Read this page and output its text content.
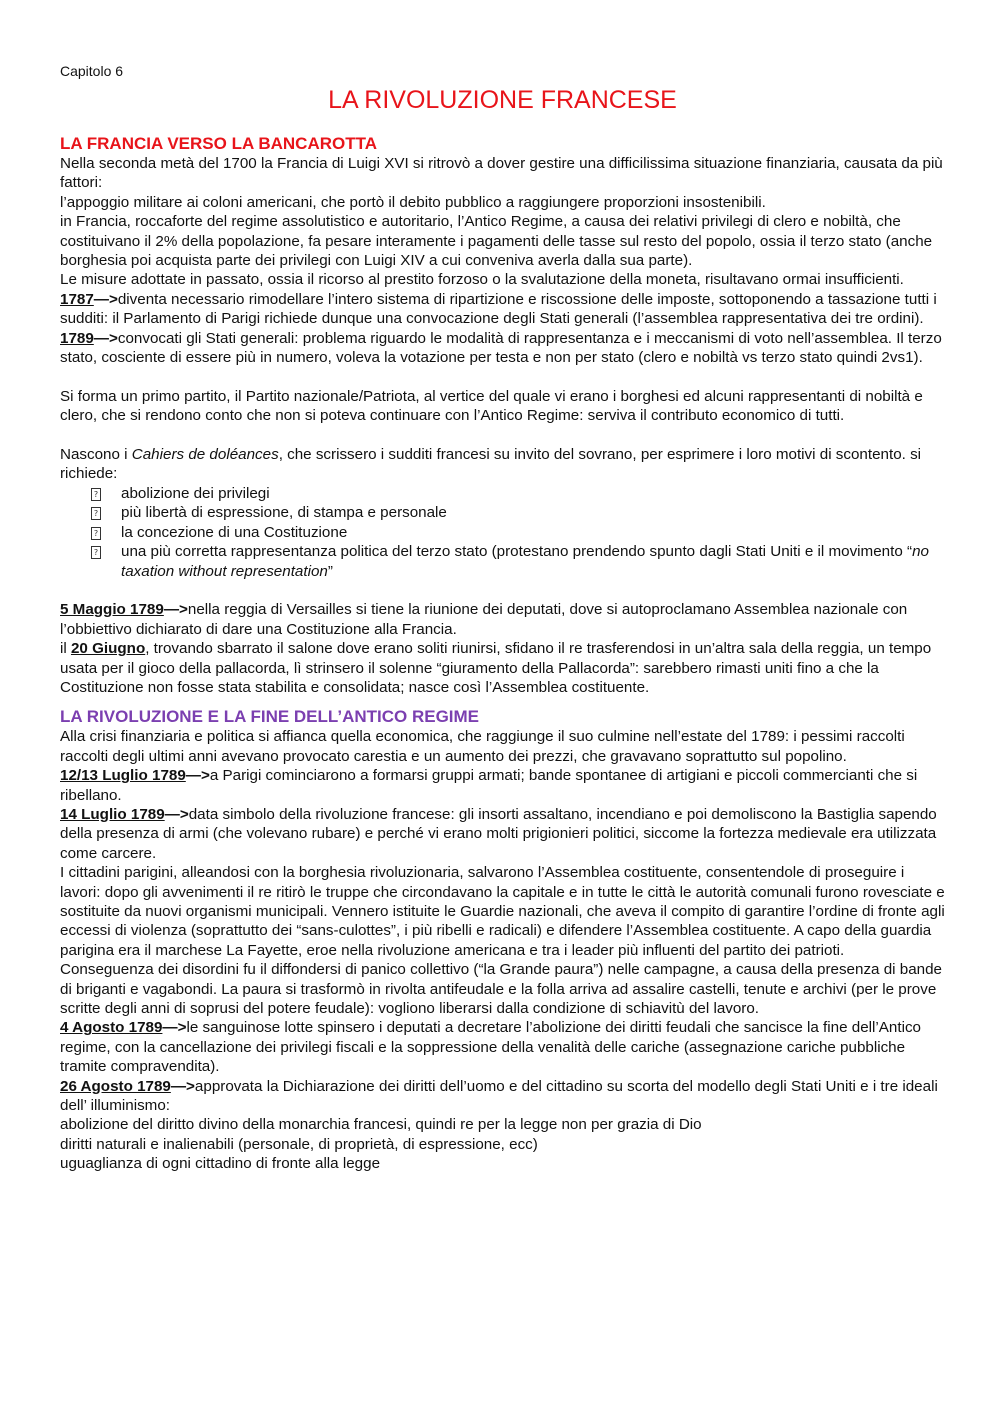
Capitolo 6

LA RIVOLUZIONE FRANCESE
LA FRANCIA VERSO LA BANCAROTTA

Nella seconda metà del 1700 la Francia di Luigi XVI si ritrovò a dover gestire una difficilissima situazione finanziaria, causata da più fattori:

l’appoggio militare ai coloni americani, che portò il debito pubblico a raggiungere proporzioni insostenibili.

in Francia, roccaforte del regime assolutistico e autoritario, l’Antico Regime, a causa dei relativi privilegi di clero e nobiltà, che costituivano il 2% della popolazione, fa pesare interamente i pagamenti delle tasse sul resto del popolo, ossia il terzo stato (anche borghesia poi acquista parte dei privilegi con Luigi XIV a cui conveniva averla dalla sua parte).

Le misure adottate in passato, ossia il ricorso al prestito forzoso o la svalutazione della moneta, risultavano ormai insufficienti.

1787—>diventa necessario rimodellare l’intero sistema di ripartizione e riscossione delle imposte, sottoponendo a tassazione tutti i sudditi: il Parlamento di Parigi richiede dunque una convocazione degli Stati generali (l’assemblea rappresentativa dei tre ordini).

1789—>convocati gli Stati generali: problema riguardo le modalità di rappresentanza e i meccanismi di voto nell’assemblea. Il terzo stato, cosciente di essere più in numero, voleva la votazione per testa e non per stato (clero e nobiltà vs terzo stato quindi 2vs1).

Si forma un primo partito, il Partito nazionale/Patriota, al vertice del quale vi erano i borghesi ed alcuni rappresentanti di nobiltà e clero, che si rendono conto che non si poteva continuare con l’Antico Regime: serviva il contributo economico di tutti.

Nascono i Cahiers de doléances, che scrissero i sudditi francesi su invito del sovrano, per esprimere i loro motivi di scontento. si richiede:

? abolizione dei privilegi
? più libertà di espressione, di stampa e personale
? la concezione di una Costituzione
? una più corretta rappresentanza politica del terzo stato (protestano prendendo spunto dagli Stati Uniti e il movimento “no taxation without representation”

5 Maggio 1789—>nella reggia di Versailles si tiene la riunione dei deputati, dove si autoproclamano Assemblea nazionale con l’obbiettivo dichiarato di dare una Costituzione alla Francia.

il 20 Giugno, trovando sbarrato il salone dove erano soliti riunirsi, sfidano il re trasferendosi in un’altra sala della reggia, un tempo usata per il gioco della pallacorda, lì strinsero il solenne “giuramento della Pallacorda”: sarebbero rimasti uniti fino a che la Costituzione non fosse stata stabilita e consolidata; nasce così l’Assemblea costituente.

LA RIVOLUZIONE E LA FINE DELL’ANTICO REGIME

Alla crisi finanziaria e politica si affianca quella economica, che raggiunge il suo culmine nell’estate del 1789: i pessimi raccolti raccolti degli ultimi anni avevano provocato carestia e un aumento dei prezzi, che gravavano soprattutto sul popolino.

12/13 Luglio 1789—>a Parigi cominciarono a formarsi gruppi armati; bande spontanee di artigiani e piccoli commercianti che si ribellano.

14 Luglio 1789—>data simbolo della rivoluzione francese: gli insorti assaltano, incendiano e poi demoliscono la Bastiglia sapendo della presenza di armi (che volevano rubare) e perché vi erano molti prigionieri politici, siccome la fortezza medievale era utilizzata come carcere.

I cittadini parigini, alleandosi con la borghesia rivoluzionaria, salvarono l’Assemblea costituente, consentendole di proseguire i lavori: dopo gli avvenimenti il re ritirò le truppe che circondavano la capitale e in tutte le città le autorità comunali furono rovesciate e sostituite da nuovi organismi municipali. Vennero istituite le Guardie nazionali, che aveva il compito di garantire l’ordine di fronte agli eccessi di violenza (soprattutto dei “sans-culottes”, i più ribelli e radicali) e difendere l’Assemblea costituente. A capo della guardia parigina era il marchese La Fayette, eroe nella rivoluzione americana e tra i leader più influenti del partito dei patrioti.

Conseguenza dei disordini fu il diffondersi di panico collettivo (“la Grande paura”) nelle campagne, a causa della presenza di bande di briganti e vagabondi. La paura si trasformò in rivolta antifeudale e la folla arriva ad assalire castelli, tenute e archivi (per le prove scritte degli anni di soprusi del potere feudale): vogliono liberarsi dalla condizione di schiavitù del lavoro.

4 Agosto 1789—>le sanguinose lotte spinsero i deputati a decretare l’abolizione dei diritti feudali che sancisce la fine dell’Antico regime, con la cancellazione dei privilegi fiscali e la soppressione della venalità delle cariche (assegnazione cariche pubbliche tramite compravendita).

26 Agosto 1789—>approvata la Dichiarazione dei diritti dell’uomo e del cittadino su scorta del modello degli Stati Uniti e i tre ideali dell’ illuminismo:

abolizione del diritto divino della monarchia francesi, quindi re per la legge non per grazia di Dio

diritti naturali e inalienabili (personale, di proprietà, di espressione, ecc)

uguaglianza di ogni cittadino di fronte alla legge
